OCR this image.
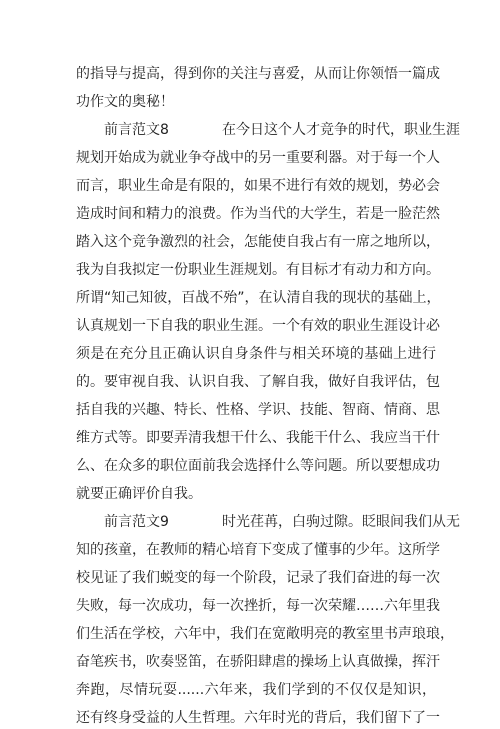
的指导与提高，得到你的关注与喜爱，从而让你领悟一篇成
功作文的奥秘！
前言范文8	在今日这个人才竞争的时代，职业生涯
规划开始成为就业争夺战中的另一重要利器。对于每一个人
而言，职业生命是有限的，如果不进行有效的规划，势必会
造成时间和精力的浪费。作为当代的大学生，若是一脸茫然
踏入这个竞争激烈的社会，怎能使自我占有一席之地所以，
我为自我拟定一份职业生涯规划。有目标才有动力和方向。
所谓“知己知彼，百战不殆”，在认清自我的现状的基础上，
认真规划一下自我的职业生涯。一个有效的职业生涯设计必
须是在充分且正确认识自身条件与相关环境的基础上进行
的。要审视自我、认识自我、了解自我，做好自我评估，包
括自我的兴趣、特长、性格、学识、技能、智商、情商、思
维方式等。即要弄清我想干什么、我能干什么、我应当干什
么、在众多的职位面前我会选择什么等问题。所以要想成功
就要正确评价自我。
前言范文9	时光荏苒，白驹过隙。眨眼间我们从无
知的孩童，在教师的精心培育下变成了懂事的少年。这所学
校见证了我们蜕变的每一个阶段，记录了我们奋进的每一次
失败，每一次成功，每一次挫折，每一次荣耀……六年里我
们生活在学校，六年中，我们在宽敞明亮的教室里书声琅琅，
奋笔疾书，吹奏竖笛，在骄阳肆虐的操场上认真做操，挥汗
奔跑，尽情玩耍......六年来，我们学到的不仅仅是知识，
还有终身受益的人生哲理。六年时光的背后，我们留下了一
